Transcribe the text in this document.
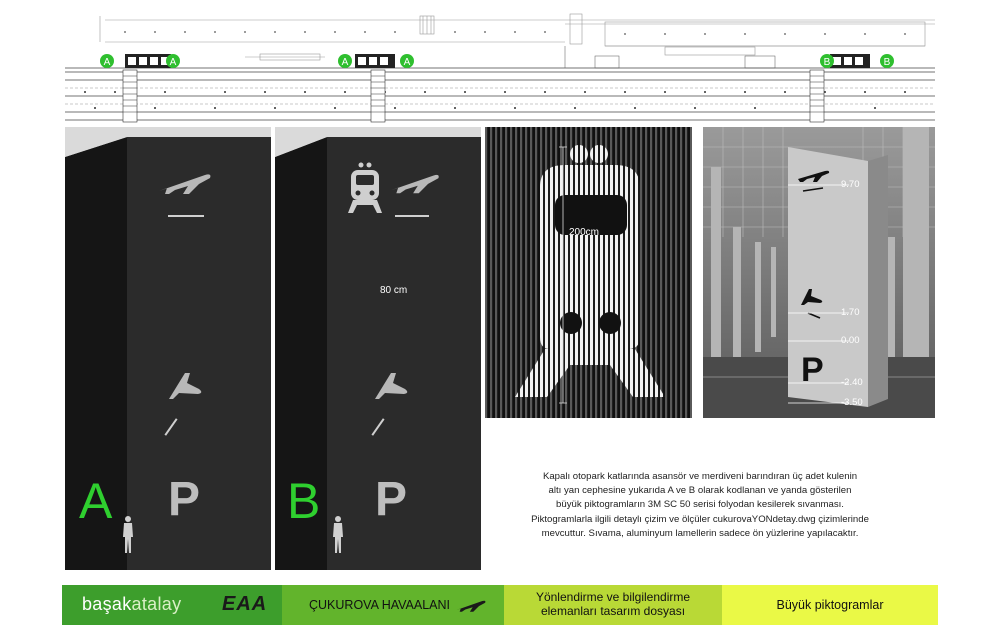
A	A	A	A	B	B
P
A
80 cm
P
B
200cm
P
9.70
1.70
0.00
-2.40
-3.50
Kapalı otopark katlarında asansör ve merdiveni barındıran üç adet kulenin
altı yan cephesine yukarıda A ve B olarak kodlanan ve yanda gösterilen
büyük piktogramların 3M SC 50 serisi folyodan kesilerek sıvanması.
Piktogramlarla ilgili detaylı çizim ve ölçüler cukurovaYONdetay.dwg çizimlerinde
mevcuttur. Sıvama, aluminyum lamellerin sadece ön yüzlerine yapılacaktır.
başakatalay EAA	ÇUKUROVA HAVAALANI
Yönlendirme ve bilgilendirme
elemanları tasarım dosyası	Büyük piktogramlar
